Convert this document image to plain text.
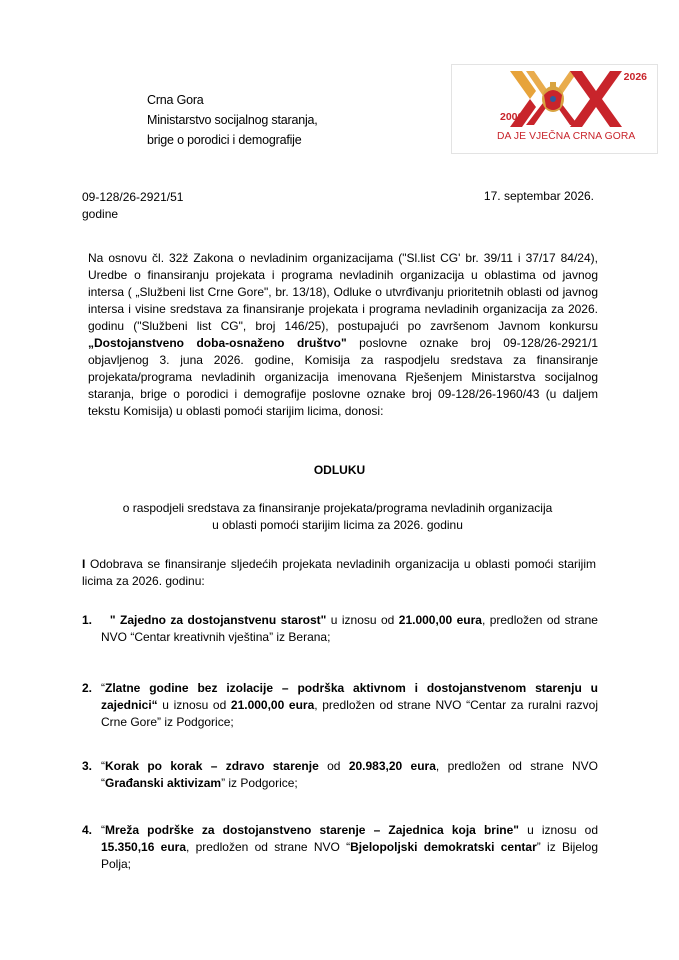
Crna Gora
Ministarstvo socijalnog staranja,
brige o porodici i demografije
2026
2006
DA JE VJEČNA CRNA GORA
09-128/26-2921/51
godine
17. septembar 2026.
Na osnovu čl. 32ž Zakona o nevladinim organizacijama ("Sl.list CG' br. 39/11 i 37/17 84/24), Uredbe o finansiranju projekata i programa nevladinih organizacija u oblastima od javnog intersa ( „Službeni list Crne Gore", br. 13/18), Odluke o utvrđivanju prioritetnih oblasti od javnog intersa i visine sredstava za finansiranje projekata i programa nevladinih organizacija za 2026. godinu ("Službeni list CG", broj 146/25), postupajući po završenom Javnom konkursu „Dostojanstveno doba-osnaženo društvo" poslovne oznake broj 09-128/26-2921/1 objavljenog 3. juna 2026. godine, Komisija za raspodjelu sredstava za finansiranje projekata/programa nevladinih organizacija imenovana Rješenjem Ministarstva socijalnog staranja, brige o porodici i demografije poslovne oznake broj 09-128/26-1960/43 (u daljem tekstu Komisija) u oblasti pomoći starijim licima, donosi:
ODLUKU
o raspodjeli sredstava za finansiranje projekata/programa nevladinih organizacija
u oblasti pomoći starijim licima za 2026. godinu
I Odobrava se finansiranje sljedećih projekata nevladinih organizacija u oblasti pomoći starijim licima za 2026. godinu:
1.	" Zajedno za dostojanstvenu starost" u iznosu od 21.000,00 eura, predložen od strane NVO “Centar kreativnih vještina” iz Berana;
2. “Zlatne godine bez izolacije – podrška aktivnom i dostojanstvenom starenju u zajednici“ u iznosu od 21.000,00 eura, predložen od strane NVO “Centar za ruralni razvoj Crne Gore” iz Podgorice;
3. “Korak po korak – zdravo starenje od 20.983,20 eura, predložen od strane NVO “Građanski aktivizam” iz Podgorice;
4. “Mreža podrške za dostojanstveno starenje – Zajednica koja brine" u iznosu od 15.350,16 eura, predložen od strane NVO “Bjelopoljski demokratski centar” iz Bijelog Polja;
